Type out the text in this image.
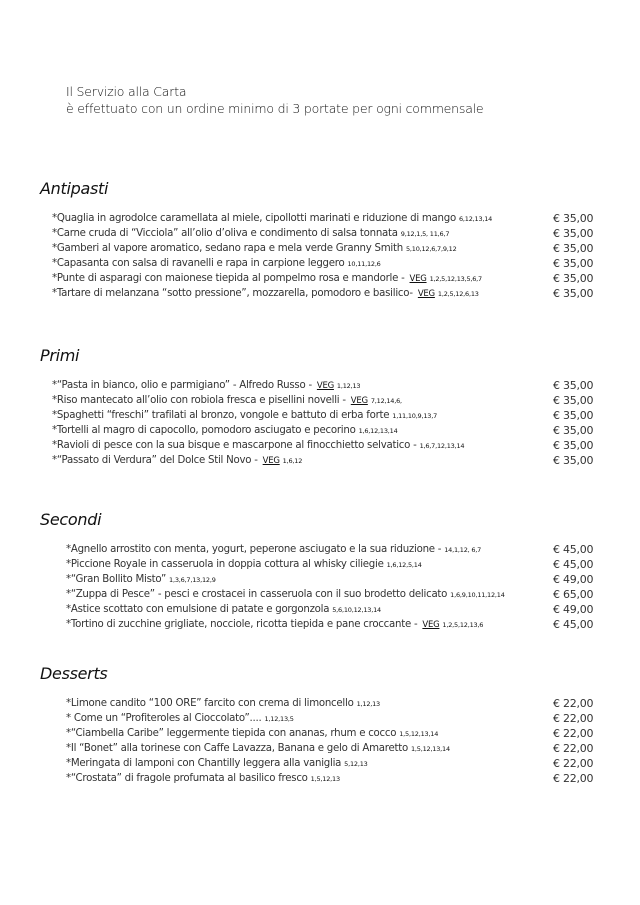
Il Servizio alla Carta
è effettuato con un ordine minimo di 3 portate per ogni commensale
Antipasti
*Quaglia in agrodolce caramellata al miele, cipollotti marinati e riduzione di mango 6,12,13,14	€ 35,00
*Carne cruda di “Vicciola” all’olio d’oliva e condimento di salsa tonnata 9,12,1,5, 11,6,7	€ 35,00
*Gamberi al vapore aromatico, sedano rapa e mela verde Granny Smith 5,10,12,6,7,9,12	€ 35,00
*Capasanta con salsa di ravanelli e rapa in carpione leggero 10,11,12,6	€ 35,00
*Punte di asparagi con maionese tiepida al pompelmo rosa e mandorle - VEG 1,2,5,12,13,5,6,7	€ 35,00
*Tartare di melanzana “sotto pressione”, mozzarella, pomodoro e basilico- VEG 1,2,5,12,6,13	€ 35,00
Primi
*“Pasta in bianco, olio e parmigiano” - Alfredo Russo - VEG 1,12,13	€ 35,00
*Riso mantecato all’olio con robiola fresca e pisellini novelli - VEG 7,12,14,6,	€ 35,00
*Spaghetti “freschi” trafilati al bronzo, vongole e battuto di erba forte 1,11,10,9,13,7	€ 35,00
*Tortelli al magro di capocollo, pomodoro asciugato e pecorino 1,6,12,13,14	€ 35,00
*Ravioli di pesce con la sua bisque e mascarpone al finocchietto selvatico - 1,6,7,12,13,14	€ 35,00
*“Passato di Verdura” del Dolce Stil Novo - VEG 1,6,12	€ 35,00
Secondi
*Agnello arrostito con menta, yogurt, peperone asciugato e la sua riduzione - 14,1,12, 6,7	€ 45,00
*Piccione Royale in casseruola in doppia cottura al whisky ciliegie 1,6,12,5,14	€ 45,00
*“Gran Bollito Misto” 1,3,6,7,13,12,9	€ 49,00
*“Zuppa di Pesce” - pesci e crostacei in casseruola con il suo brodetto delicato 1,6,9,10,11,12,14	€ 65,00
*Astice scottato con emulsione di patate e gorgonzola 5,6,10,12,13,14	€ 49,00
*Tortino di zucchine grigliate, nocciole, ricotta tiepida e pane croccante - VEG 1,2,5,12,13,6	€ 45,00
Desserts
*Limone candito “100 ORE” farcito con crema di limoncello 1,12,13	€ 22,00
* Come un “Profiteroles al Cioccolato”.... 1,12,13,5	€ 22,00
*“Ciambella Caribe” leggermente tiepida con ananas, rhum e cocco 1,5,12,13,14	€ 22,00
*Il “Bonet” alla torinese con Caffe Lavazza, Banana e gelo di Amaretto 1,5,12,13,14	€ 22,00
*Meringata di lamponi con Chantilly leggera alla vaniglia 5,12,13	€ 22,00
*“Crostata” di fragole profumata al basilico fresco 1,5,12,13	€ 22,00
